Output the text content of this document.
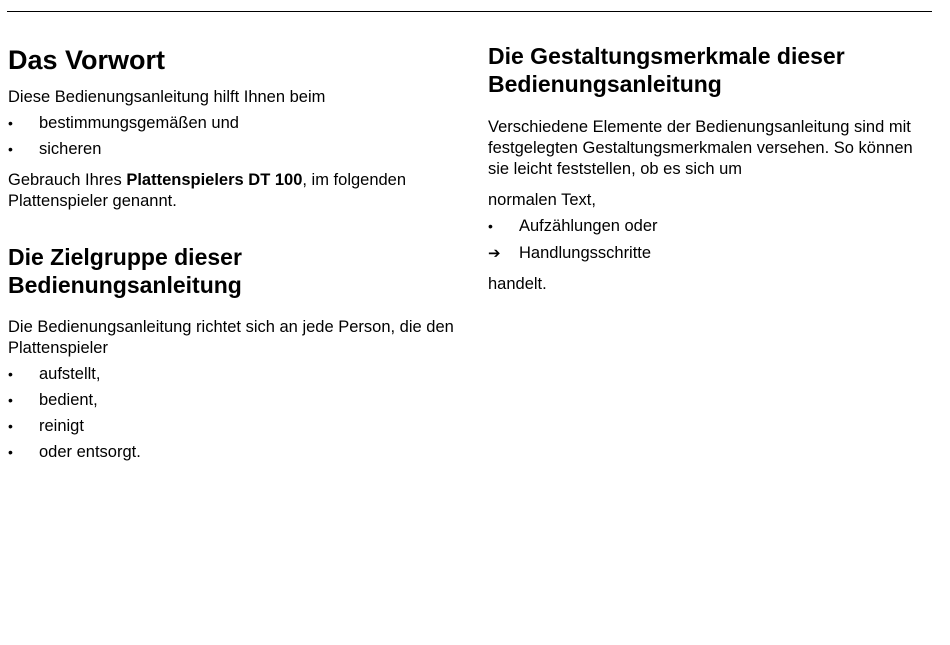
Das Vorwort

Diese Bedienungsanleitung hilft Ihnen beim

•	bestimmungsgemäßen und
•	sicheren

Gebrauch Ihres Plattenspielers DT 100, im folgenden Plattenspieler genannt.

Die Zielgruppe dieser
Bedienungsanleitung

Die Bedienungsanleitung richtet sich an jede Person, die den Plattenspieler

•	aufstellt,
•	bedient,
•	reinigt
•	oder entsorgt.
Die Gestaltungsmerkmale dieser
Bedienungsanleitung

Verschiedene Elemente der Bedienungsanleitung sind mit festgelegten Gestaltungsmerkmalen versehen. So können sie leicht feststellen, ob es sich um

normalen Text,

•	Aufzählungen oder
➔	Handlungsschritte

handelt.
